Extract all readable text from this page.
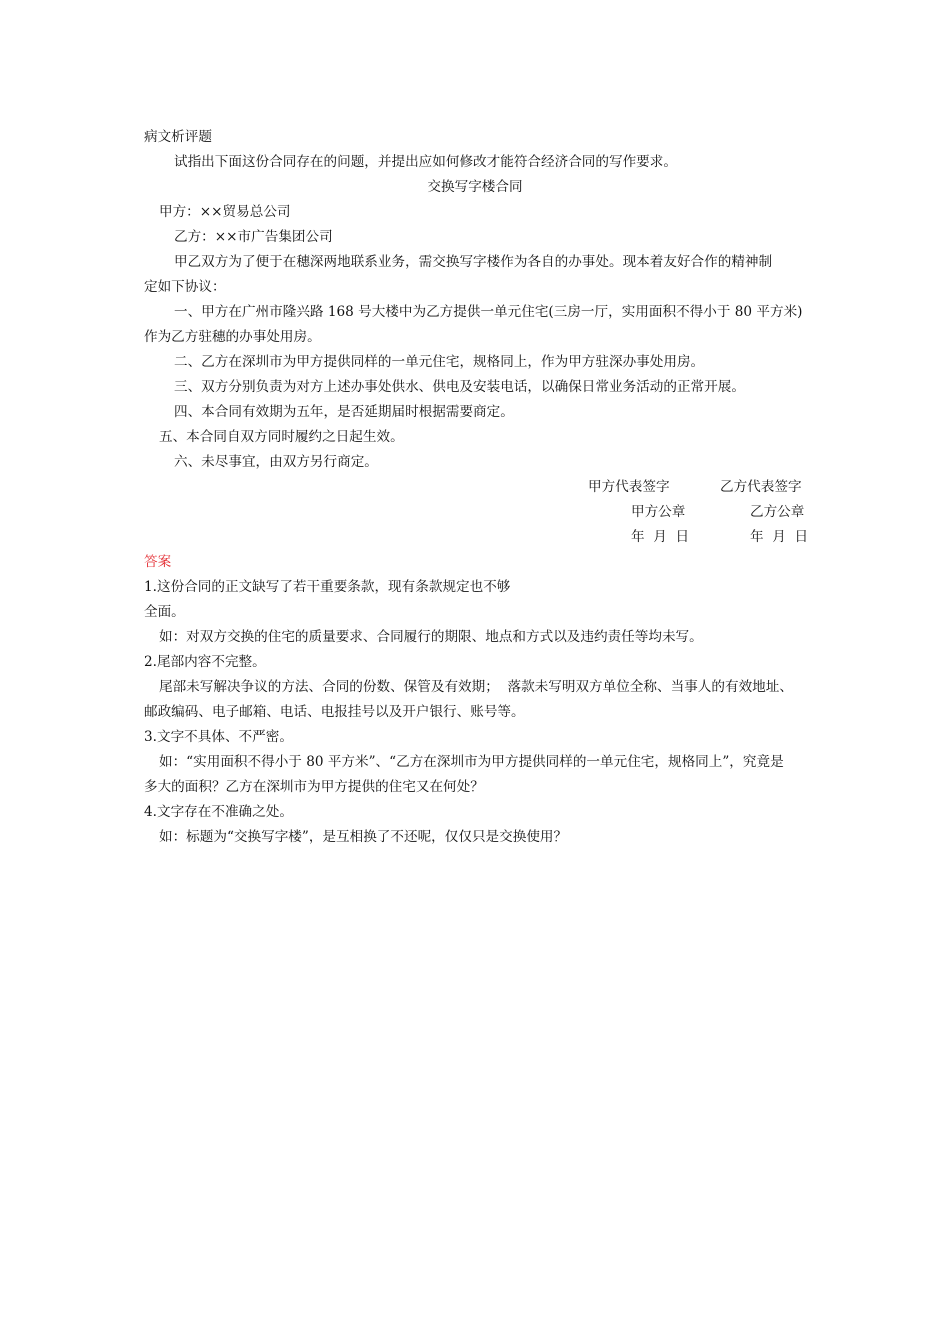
病文析评题
试指出下面这份合同存在的问题，并提出应如何修改才能符合经济合同的写作要求。
交换写字楼合同
甲方：××贸易总公司
乙方：××市广告集团公司
甲乙双方为了便于在穗深两地联系业务，需交换写字楼作为各自的办事处。现本着友好合作的精神制
定如下协议：
一、甲方在广州市隆兴路 168 号大楼中为乙方提供一单元住宅(三房一厅，实用面积不得小于 80 平方米)
作为乙方驻穗的办事处用房。
二、乙方在深圳市为甲方提供同样的一单元住宅，规格同上，作为甲方驻深办事处用房。
三、双方分别负责为对方上述办事处供水、供电及安装电话，以确保日常业务活动的正常开展。
四、本合同有效期为五年，是否延期届时根据需要商定。
五、本合同自双方同时履约之日起生效。
六、未尽事宜，由双方另行商定。
甲方代表签字	乙方代表签字
甲方公章	乙方公章
年  月  日	年  月  日
答案
1.这份合同的正文缺写了若干重要条款，现有条款规定也不够
全面。
如：对双方交换的住宅的质量要求、合同履行的期限、地点和方式以及违约责任等均未写。
2.尾部内容不完整。
尾部未写解决争议的方法、合同的份数、保管及有效期；  落款未写明双方单位全称、当事人的有效地址、
邮政编码、电子邮箱、电话、电报挂号以及开户银行、账号等。
3.文字不具体、不严密。
如：“实用面积不得小于 80 平方米”、“乙方在深圳市为甲方提供同样的一单元住宅，规格同上”，究竟是
多大的面积？乙方在深圳市为甲方提供的住宅又在何处？
4.文字存在不准确之处。
如：标题为“交换写字楼”，是互相换了不还呢，仅仅只是交换使用？
